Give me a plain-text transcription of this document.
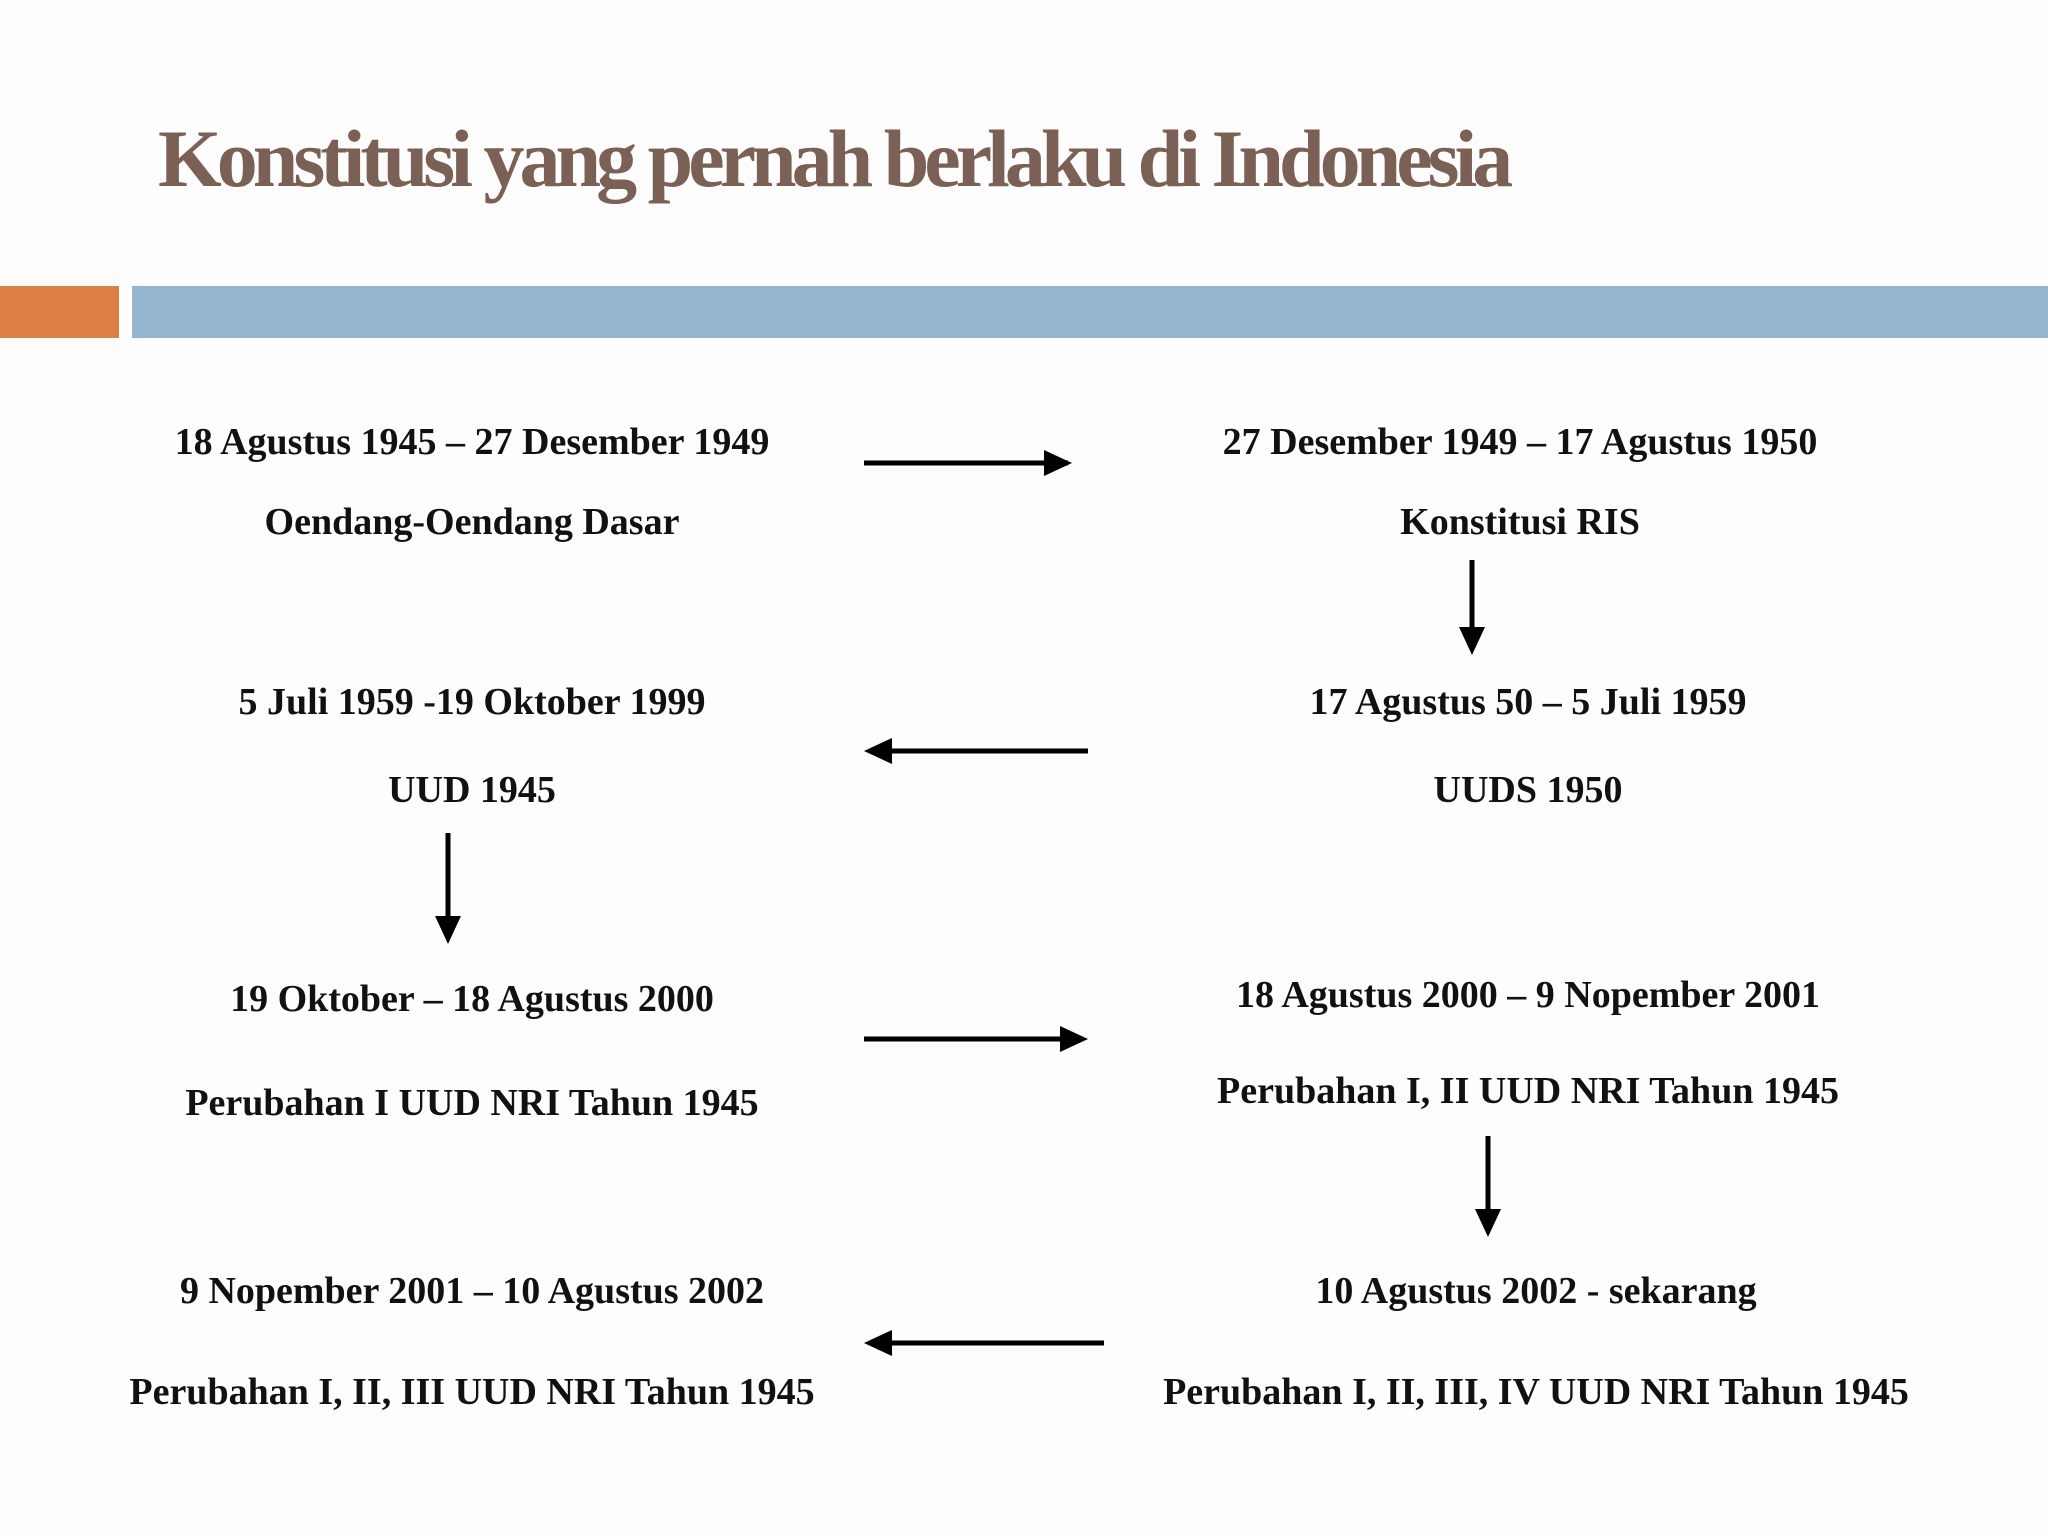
Konstitusi yang pernah berlaku di Indonesia
18 Agustus 1945 – 27 Desember 1949
Oendang-Oendang Dasar
27 Desember 1949 – 17 Agustus 1950
Konstitusi RIS
17 Agustus 50 – 5 Juli 1959
UUDS 1950
5 Juli 1959 -19 Oktober 1999
UUD 1945
19 Oktober – 18 Agustus 2000
Perubahan I UUD NRI Tahun 1945
18 Agustus 2000 – 9 Nopember 2001
Perubahan I, II UUD NRI Tahun 1945
9 Nopember 2001 – 10 Agustus 2002
Perubahan I, II, III UUD NRI Tahun 1945
10 Agustus 2002 - sekarang
Perubahan I, II, III, IV UUD NRI Tahun 1945
